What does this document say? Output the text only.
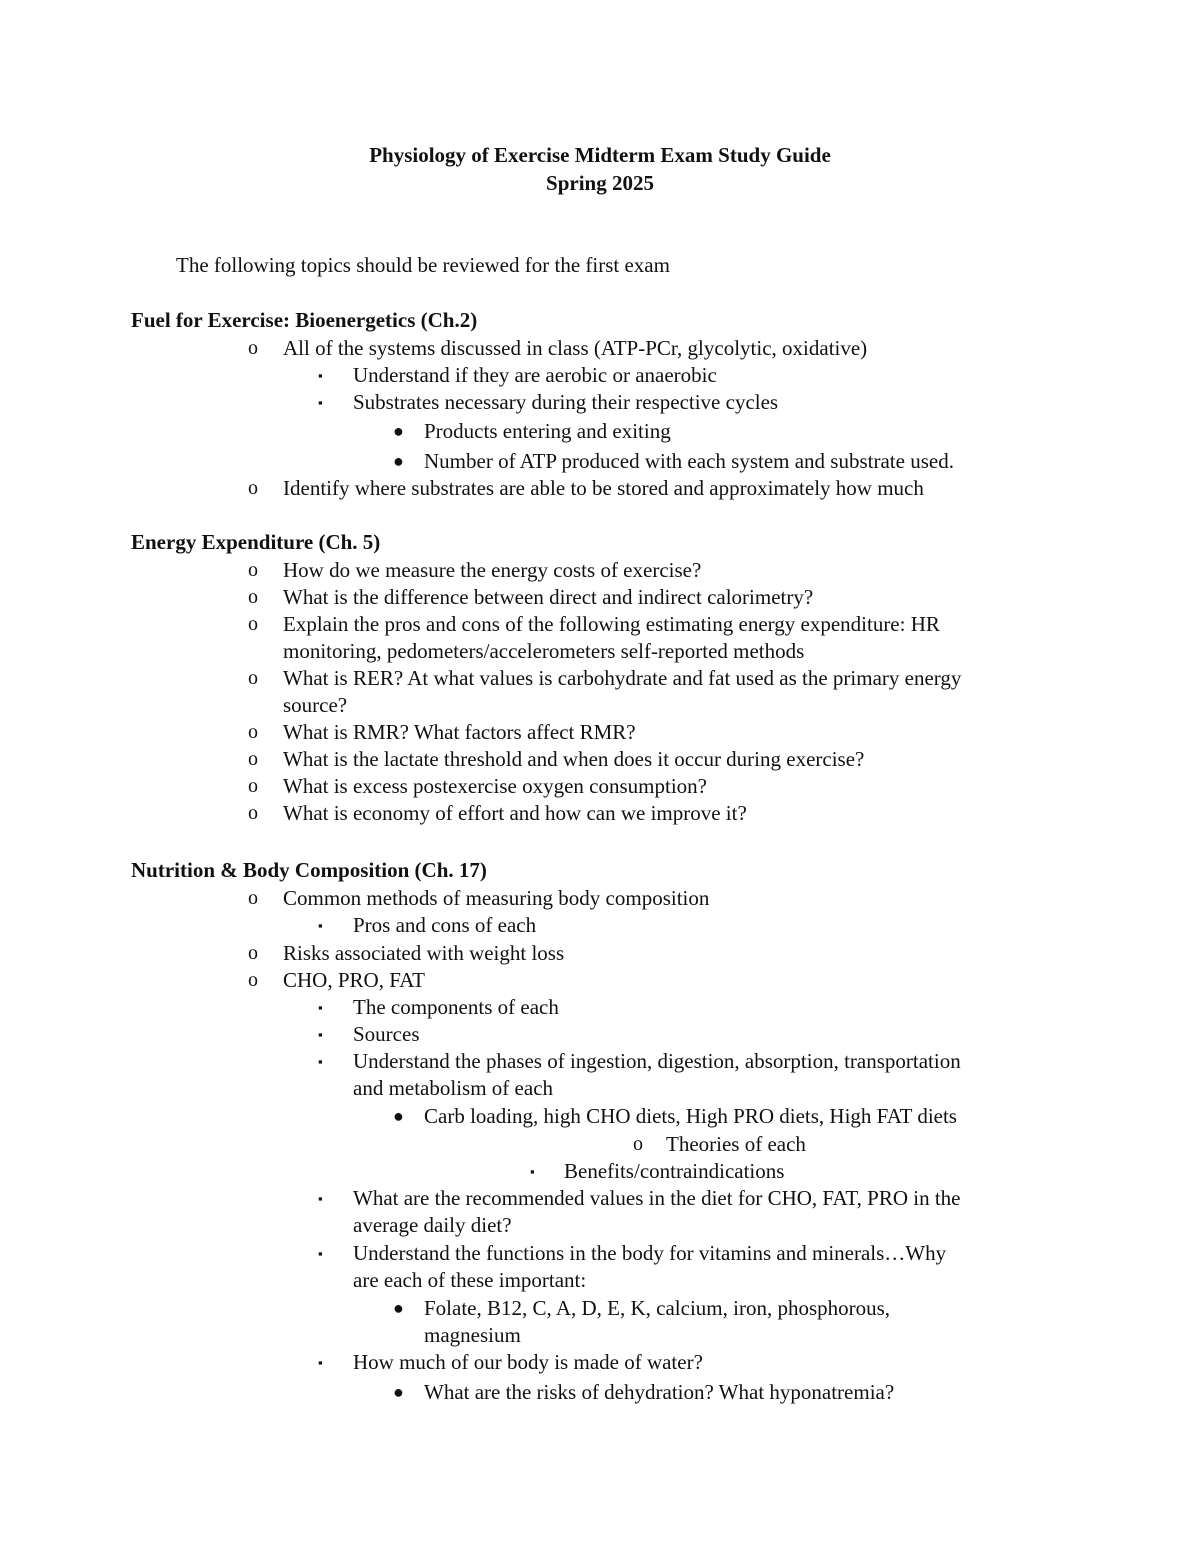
Physiology of Exercise Midterm Exam Study Guide
Spring 2025
The following topics should be reviewed for the first exam
Fuel for Exercise: Bioenergetics (Ch.2)
o All of the systems discussed in class (ATP-PCr, glycolytic, oxidative)
▪ Understand if they are aerobic or anaerobic
▪ Substrates necessary during their respective cycles
● Products entering and exiting
● Number of ATP produced with each system and substrate used.
o Identify where substrates are able to be stored and approximately how much
Energy Expenditure (Ch. 5)
o How do we measure the energy costs of exercise?
o What is the difference between direct and indirect calorimetry?
o Explain the pros and cons of the following estimating energy expenditure: HR
monitoring, pedometers/accelerometers self-reported methods
o What is RER? At what values is carbohydrate and fat used as the primary energy
source?
o What is RMR? What factors affect RMR?
o What is the lactate threshold and when does it occur during exercise?
o What is excess postexercise oxygen consumption?
o What is economy of effort and how can we improve it?
Nutrition & Body Composition (Ch. 17)
o Common methods of measuring body composition
▪ Pros and cons of each
o Risks associated with weight loss
o CHO, PRO, FAT
▪ The components of each
▪ Sources
▪ Understand the phases of ingestion, digestion, absorption, transportation
and metabolism of each
● Carb loading, high CHO diets, High PRO diets, High FAT diets
o Theories of each
▪ Benefits/contraindications
▪ What are the recommended values in the diet for CHO, FAT, PRO in the
average daily diet?
▪ Understand the functions in the body for vitamins and minerals…Why
are each of these important:
● Folate, B12, C, A, D, E, K, calcium, iron, phosphorous,
magnesium
▪ How much of our body is made of water?
● What are the risks of dehydration? What hyponatremia?
